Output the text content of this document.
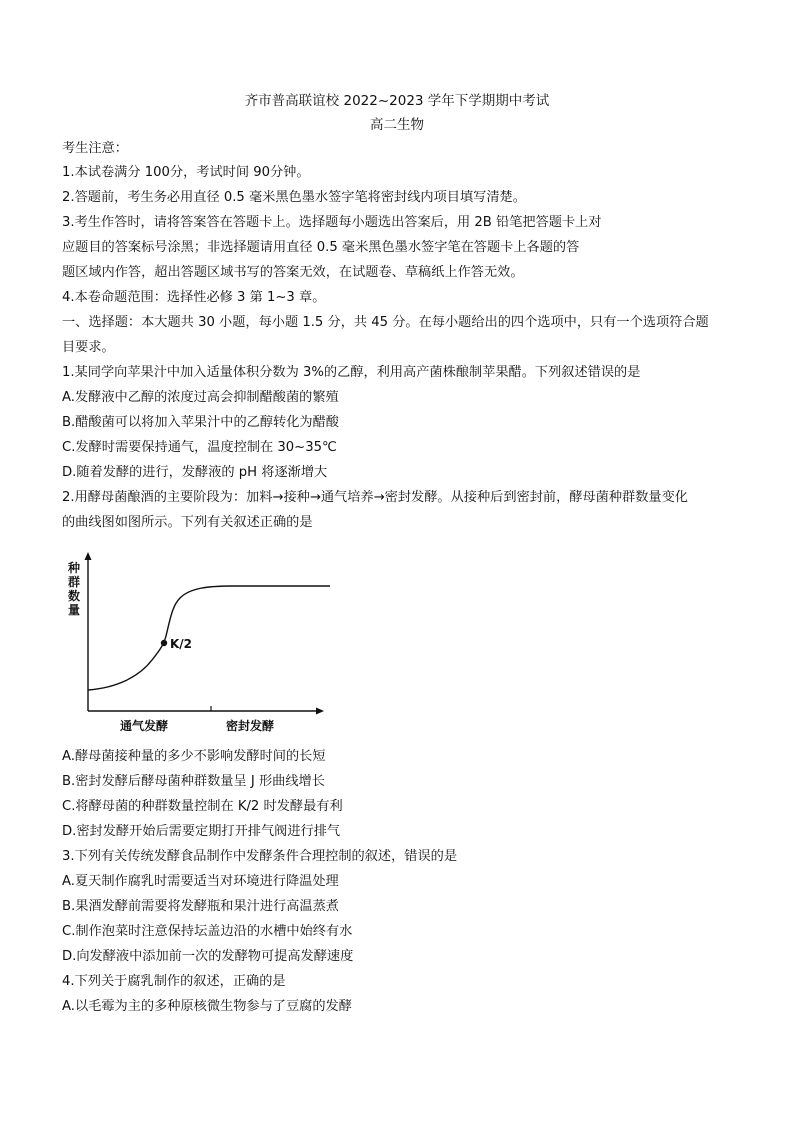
齐市普高联谊校 2022~2023 学年下学期期中考试
高二生物
考生注意：
1.本试卷满分 100分，考试时间 90分钟。
2.答题前，考生务必用直径 0.5 毫米黑色墨水签字笔将密封线内项目填写清楚。
3.考生作答时，请将答案答在答题卡上。选择题每小题选出答案后，用 2B 铅笔把答题卡上对
应题目的答案标号涂黑；非选择题请用直径 0.5 毫米黑色墨水签字笔在答题卡上各题的答
题区域内作答，超出答题区域书写的答案无效，在试题卷、草稿纸上作答无效。
4.本卷命题范围：选择性必修 3 第 1~3 章。
一、选择题：本大题共 30 小题，每小题 1.5 分，共 45 分。在每小题给出的四个选项中，只有一个选项符合题
目要求。
1.某同学向苹果汁中加入适量体积分数为 3%的乙醇，利用高产菌株酿制苹果醋。下列叙述错误的是
A.发酵液中乙醇的浓度过高会抑制醋酸菌的繁殖
B.醋酸菌可以将加入苹果汁中的乙醇转化为醋酸
C.发酵时需要保持通气，温度控制在 30~35℃
D.随着发酵的进行，发酵液的 pH 将逐渐增大
2.用酵母菌酿酒的主要阶段为：加料→接种→通气培养→密封发酵。从接种后到密封前，酵母菌种群数量变化
的曲线图如图所示。下列有关叙述正确的是
种
群
数
量
K/2
通气发酵	密封发酵
A.酵母菌接种量的多少不影响发酵时间的长短
B.密封发酵后酵母菌种群数量呈 J 形曲线增长
C.将酵母菌的种群数量控制在 K/2 时发酵最有利
D.密封发酵开始后需要定期打开排气阀进行排气
3.下列有关传统发酵食品制作中发酵条件合理控制的叙述，错误的是
A.夏天制作腐乳时需要适当对环境进行降温处理
B.果酒发酵前需要将发酵瓶和果汁进行高温蒸煮
C.制作泡菜时注意保持坛盖边沿的水槽中始终有水
D.向发酵液中添加前一次的发酵物可提高发酵速度
4.下列关于腐乳制作的叙述，正确的是
A.以毛霉为主的多种原核微生物参与了豆腐的发酵
